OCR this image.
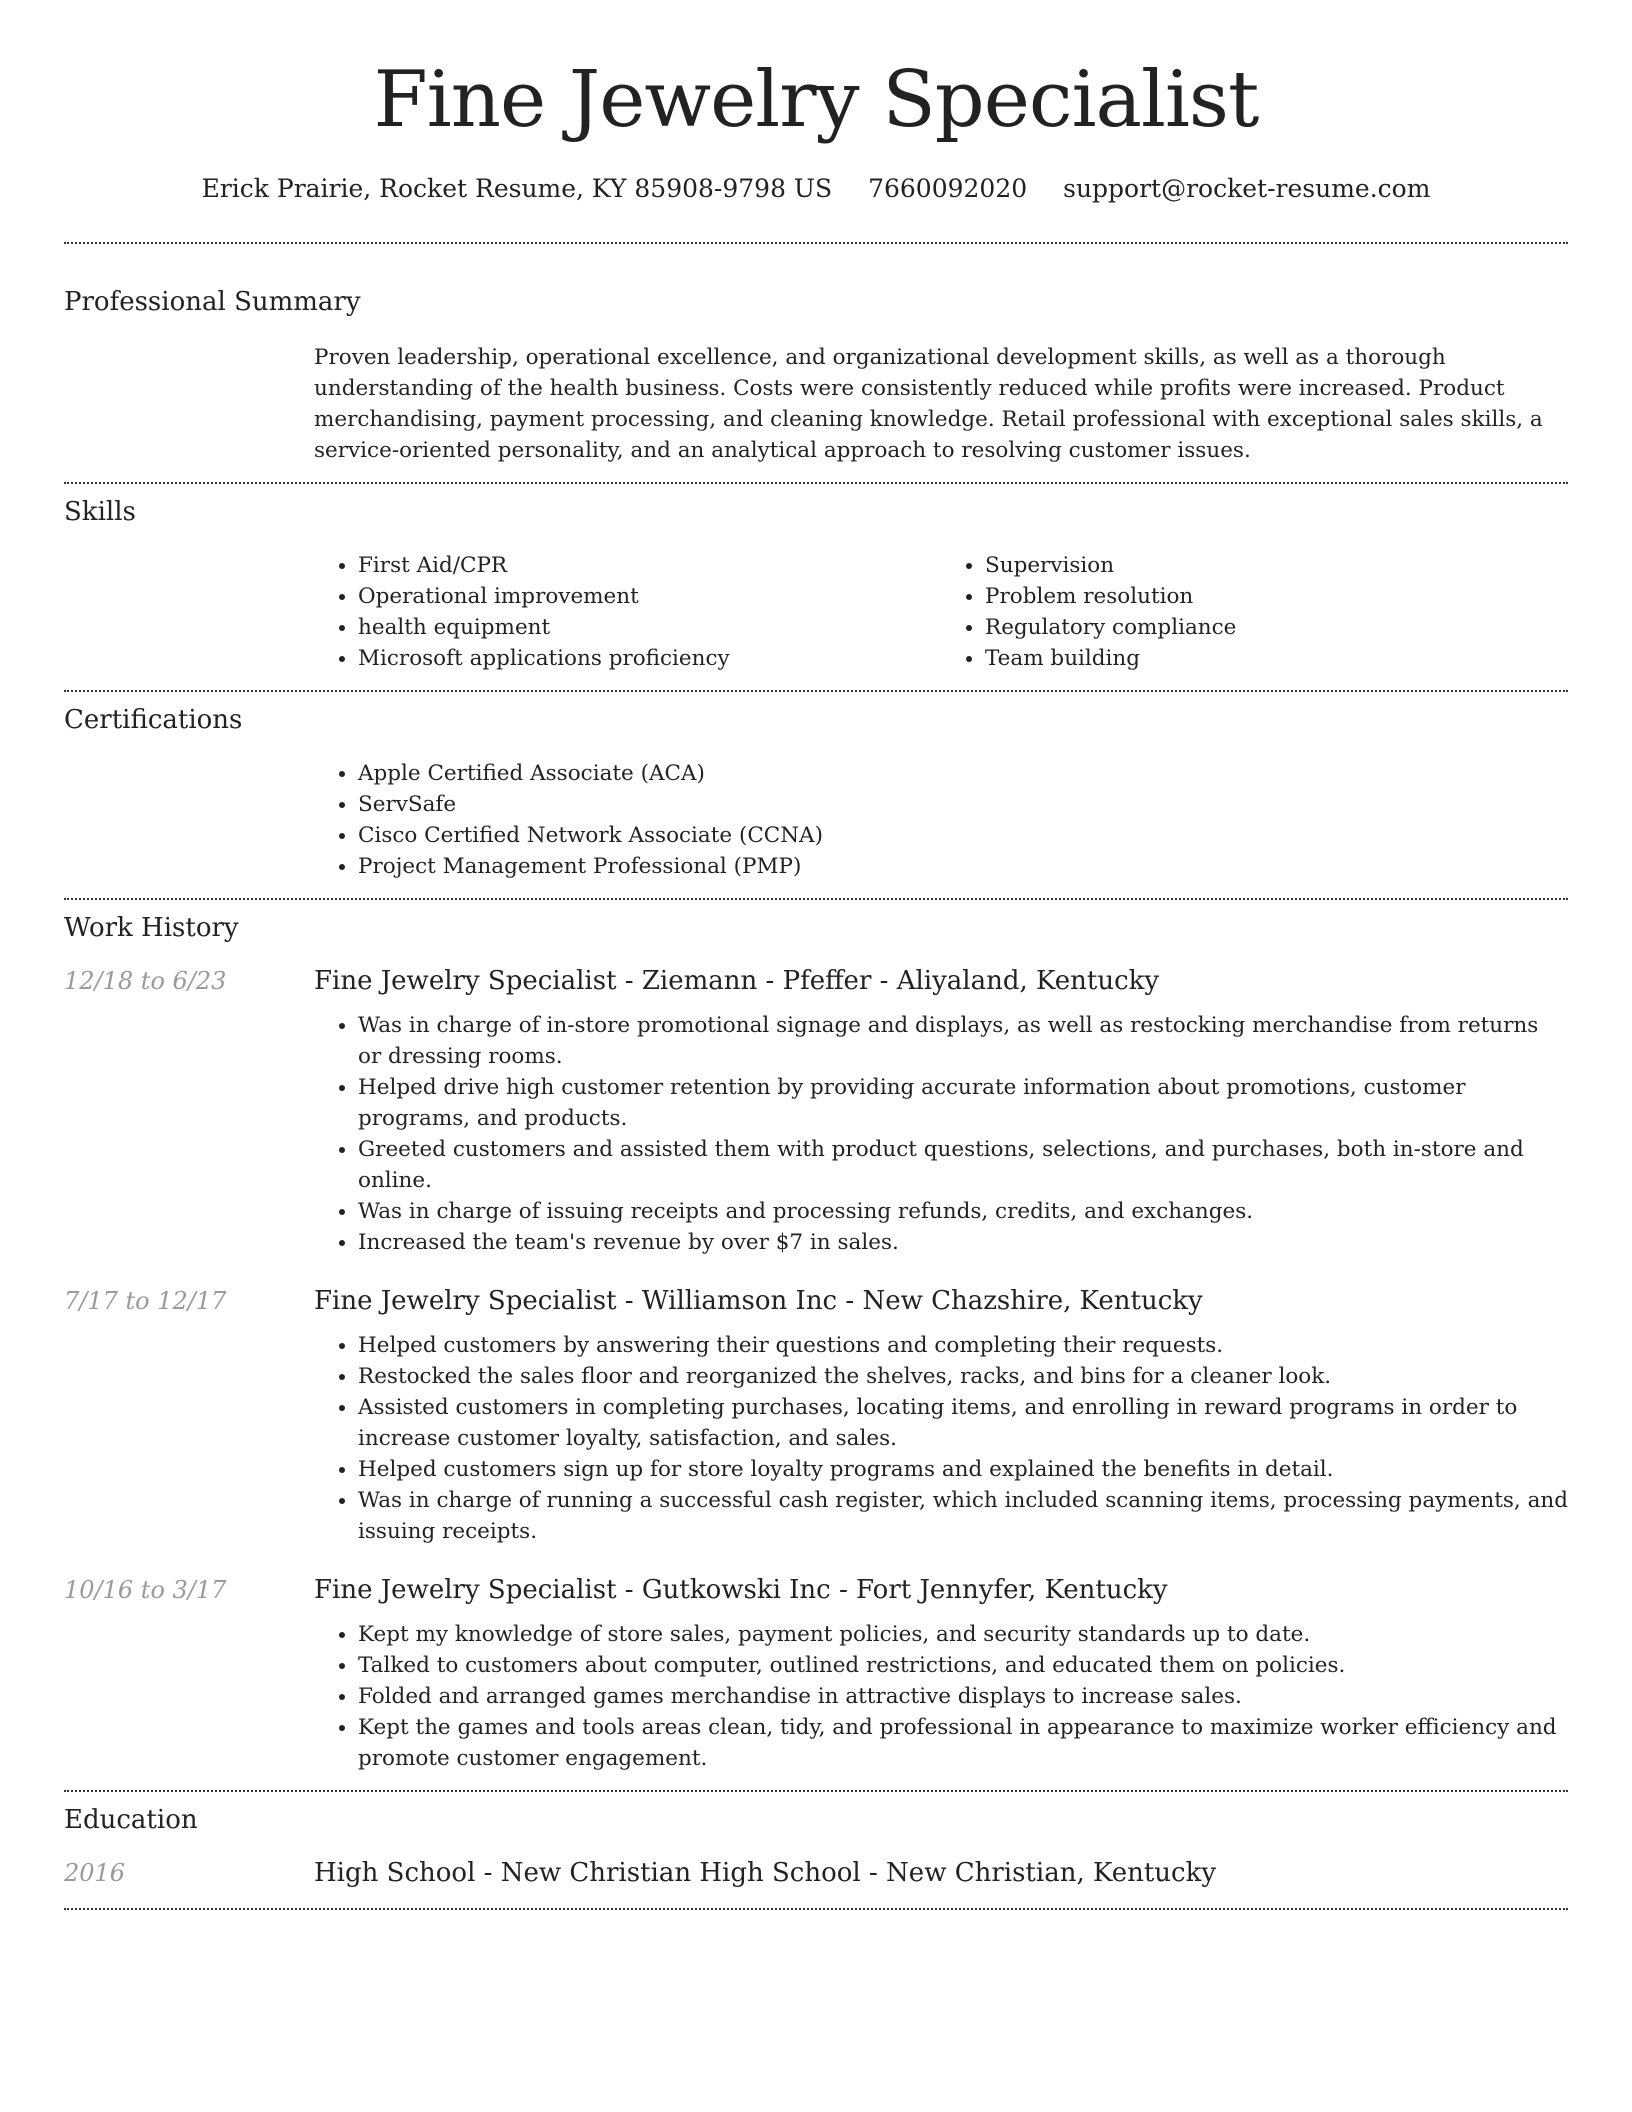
Fine Jewelry Specialist
Erick Prairie, Rocket Resume, KY 85908-9798 US 7660092020 support@rocket-resume.com
Professional Summary
Proven leadership, operational excellence, and organizational development skills, as well as a thorough understanding of the health business. Costs were consistently reduced while profits were increased. Product merchandising, payment processing, and cleaning knowledge. Retail professional with exceptional sales skills, a service-oriented personality, and an analytical approach to resolving customer issues.
Skills
• First Aid/CPR
• Operational improvement
• health equipment
• Microsoft applications proficiency
• Supervision
• Problem resolution
• Regulatory compliance
• Team building
Certifications
• Apple Certified Associate (ACA)
• ServSafe
• Cisco Certified Network Associate (CCNA)
• Project Management Professional (PMP)
Work History
12/18 to 6/23	Fine Jewelry Specialist - Ziemann - Pfeffer - Aliyaland, Kentucky
• Was in charge of in-store promotional signage and displays, as well as restocking merchandise from returns or dressing rooms.
• Helped drive high customer retention by providing accurate information about promotions, customer programs, and products.
• Greeted customers and assisted them with product questions, selections, and purchases, both in-store and online.
• Was in charge of issuing receipts and processing refunds, credits, and exchanges.
• Increased the team's revenue by over $7 in sales.
7/17 to 12/17	Fine Jewelry Specialist - Williamson Inc - New Chazshire, Kentucky
• Helped customers by answering their questions and completing their requests.
• Restocked the sales floor and reorganized the shelves, racks, and bins for a cleaner look.
• Assisted customers in completing purchases, locating items, and enrolling in reward programs in order to increase customer loyalty, satisfaction, and sales.
• Helped customers sign up for store loyalty programs and explained the benefits in detail.
• Was in charge of running a successful cash register, which included scanning items, processing payments, and issuing receipts.
10/16 to 3/17	Fine Jewelry Specialist - Gutkowski Inc - Fort Jennyfer, Kentucky
• Kept my knowledge of store sales, payment policies, and security standards up to date.
• Talked to customers about computer, outlined restrictions, and educated them on policies.
• Folded and arranged games merchandise in attractive displays to increase sales.
• Kept the games and tools areas clean, tidy, and professional in appearance to maximize worker efficiency and promote customer engagement.
Education
2016	High School - New Christian High School - New Christian, Kentucky
